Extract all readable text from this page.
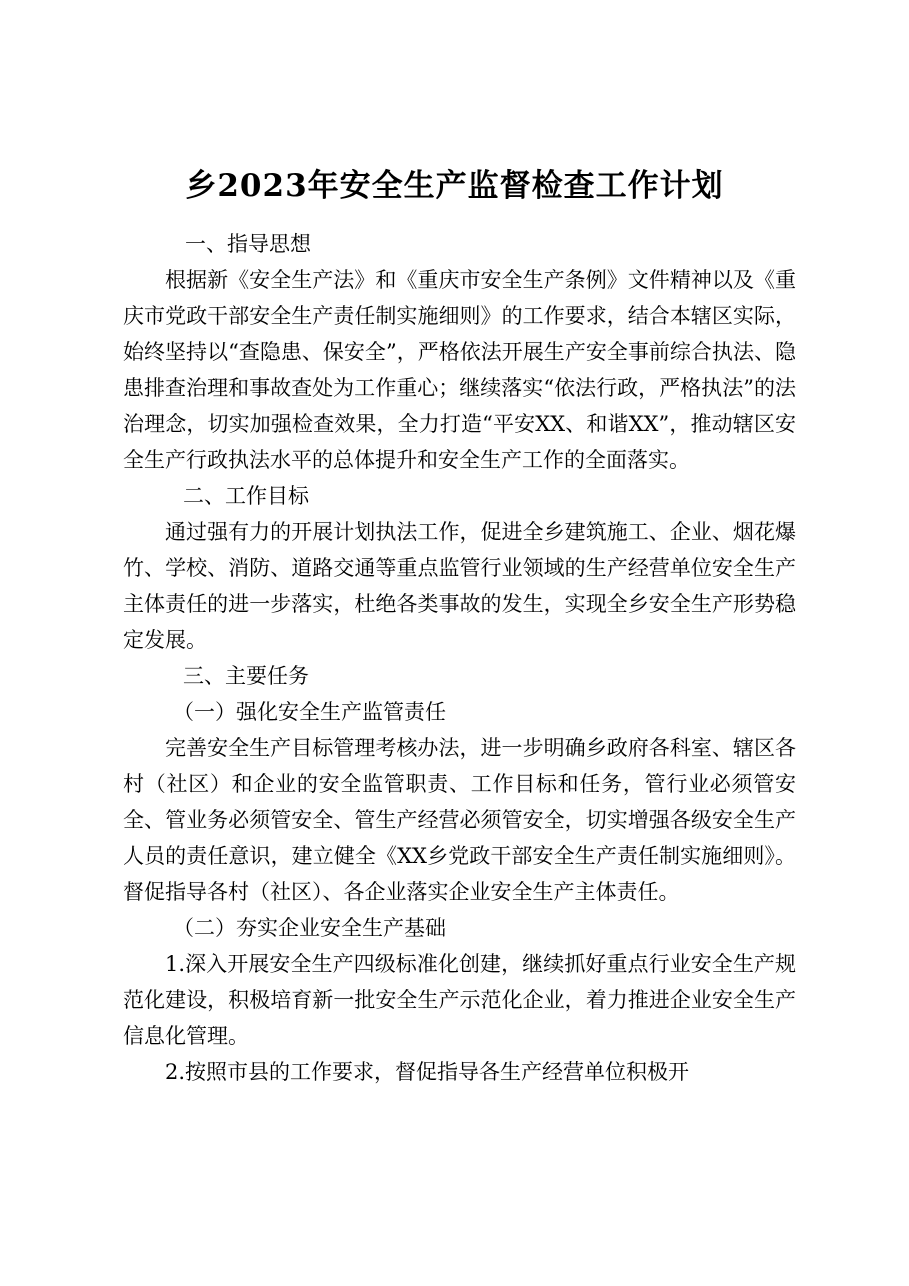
乡2023年安全生产监督检查工作计划

一、指导思想

根据新《安全生产法》和《重庆市安全生产条例》文件精神以及《重庆市党政干部安全生产责任制实施细则》的工作要求，结合本辖区实际，始终坚持以“查隐患、保安全”，严格依法开展生产安全事前综合执法、隐患排查治理和事故查处为工作重心；继续落实“依法行政，严格执法”的法治理念，切实加强检查效果，全力打造“平安XX、和谐XX”，推动辖区安全生产行政执法水平的总体提升和安全生产工作的全面落实。

二、工作目标

通过强有力的开展计划执法工作，促进全乡建筑施工、企业、烟花爆竹、学校、消防、道路交通等重点监管行业领域的生产经营单位安全生产主体责任的进一步落实，杜绝各类事故的发生，实现全乡安全生产形势稳定发展。

三、主要任务

（一）强化安全生产监管责任

完善安全生产目标管理考核办法，进一步明确乡政府各科室、辖区各村（社区）和企业的安全监管职责、工作目标和任务，管行业必须管安全、管业务必须管安全、管生产经营必须管安全，切实增强各级安全生产人员的责任意识，建立健全《XX乡党政干部安全生产责任制实施细则》。督促指导各村（社区）、各企业落实企业安全生产主体责任。

（二）夯实企业安全生产基础

1.深入开展安全生产四级标准化创建，继续抓好重点行业安全生产规范化建设，积极培育新一批安全生产示范化企业，着力推进企业安全生产信息化管理。

2.按照市县的工作要求，督促指导各生产经营单位积极开
